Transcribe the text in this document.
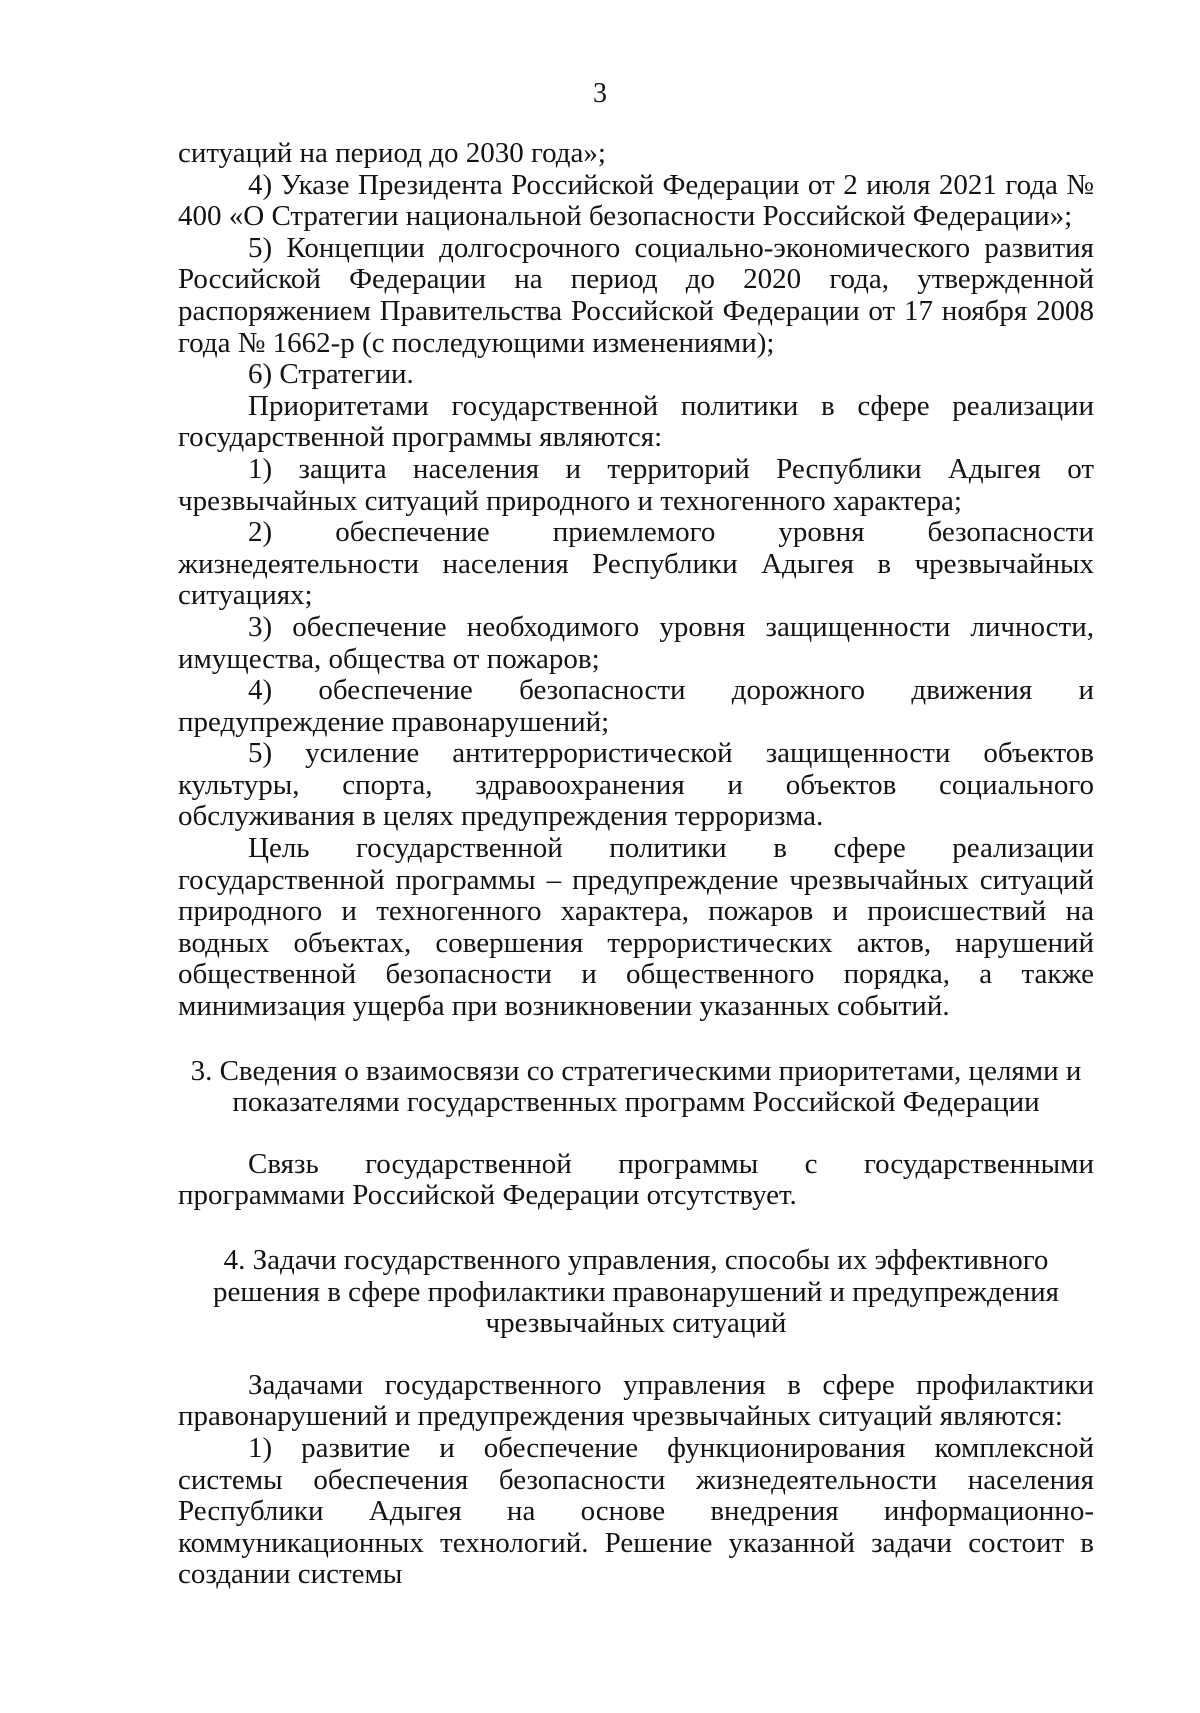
3

ситуаций на период до 2030 года»;

4) Указе Президента Российской Федерации от 2 июля 2021 года № 400 «О Стратегии национальной безопасности Российской Федерации»;

5) Концепции долгосрочного социально-экономического развития Российской Федерации на период до 2020 года, утвержденной распоряжением Правительства Российской Федерации от 17 ноября 2008 года № 1662-р (с последующими изменениями);

6) Стратегии.

Приоритетами государственной политики в сфере реализации государственной программы являются:

1) защита населения и территорий Республики Адыгея от чрезвычайных ситуаций природного и техногенного характера;

2) обеспечение приемлемого уровня безопасности жизнедеятельности населения Республики Адыгея в чрезвычайных ситуациях;

3) обеспечение необходимого уровня защищенности личности, имущества, общества от пожаров;

4) обеспечение безопасности дорожного движения и предупреждение правонарушений;

5) усиление антитеррористической защищенности объектов культуры, спорта, здравоохранения и объектов социального обслуживания в целях предупреждения терроризма.

Цель государственной политики в сфере реализации государственной программы – предупреждение чрезвычайных ситуаций природного и техногенного характера, пожаров и происшествий на водных объектах, совершения террористических актов, нарушений общественной безопасности и общественного порядка, а также минимизация ущерба при возникновении указанных событий.

3. Сведения о взаимосвязи со стратегическими приоритетами, целями и

показателями государственных программ Российской Федерации

Связь государственной программы с государственными программами Российской Федерации отсутствует.

4. Задачи государственного управления, способы их эффективного

решения в сфере профилактики правонарушений и предупреждения

чрезвычайных ситуаций

Задачами государственного управления в сфере профилактики правонарушений и предупреждения чрезвычайных ситуаций являются:

1) развитие и обеспечение функционирования комплексной системы обеспечения безопасности жизнедеятельности населения Республики Адыгея на основе внедрения информационно-коммуникационных технологий. Решение указанной задачи состоит в создании системы
